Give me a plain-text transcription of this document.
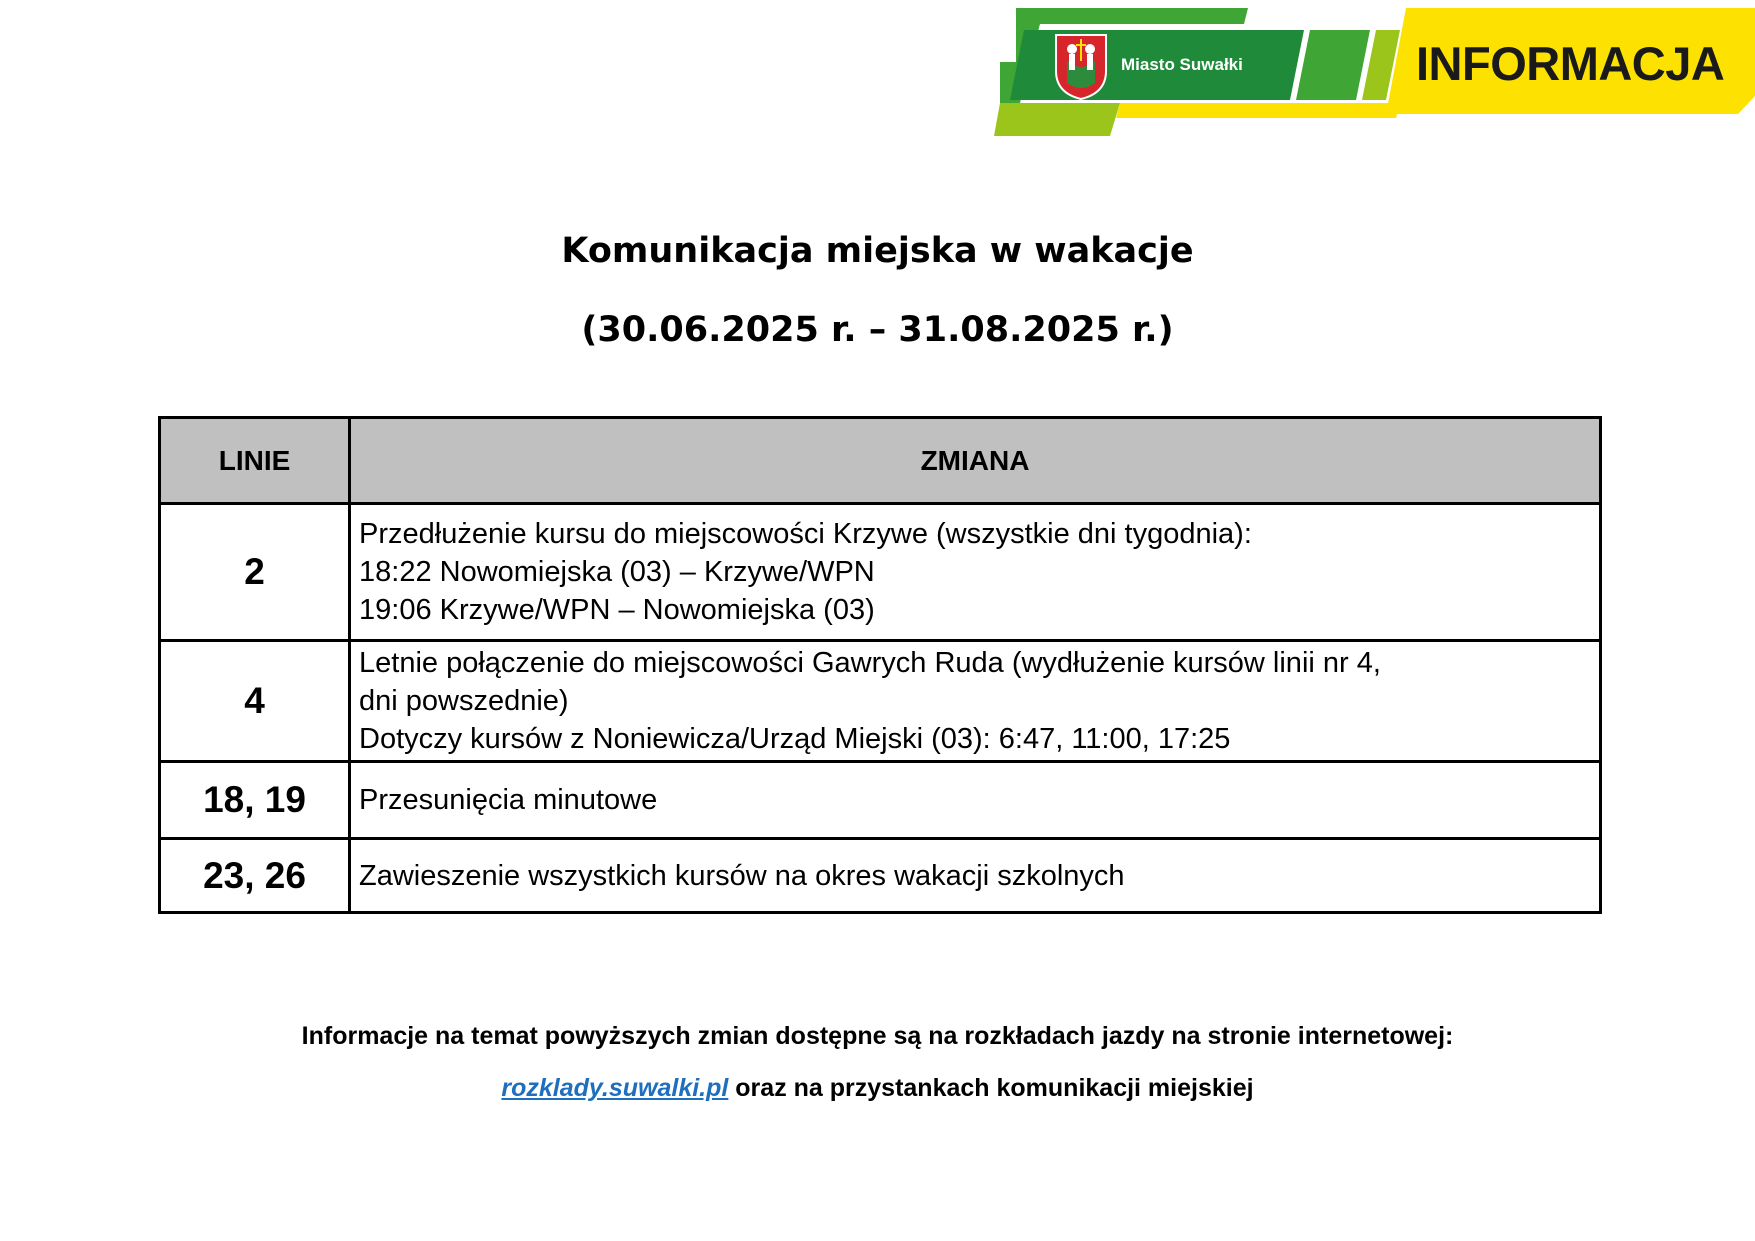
Miasto Suwałki	INFORMACJA
Komunikacja miejska w wakacje
(30.06.2025 r. – 31.08.2025 r.)
LINIE	ZMIANA
2	Przedłużenie kursu do miejscowości Krzywe (wszystkie dni tygodnia):
18:22 Nowomiejska (03) – Krzywe/WPN
19:06 Krzywe/WPN – Nowomiejska (03)

4	Letnie połączenie do miejscowości Gawrych Ruda (wydłużenie kursów linii nr 4,
dni powszednie)
Dotyczy kursów z Noniewicza/Urząd Miejski (03): 6:47, 11:00, 17:25

18, 19	Przesunięcia minutowe

23, 26	Zawieszenie wszystkich kursów na okres wakacji szkolnych
Informacje na temat powyższych zmian dostępne są na rozkładach jazdy na stronie internetowej:
rozklady.suwalki.pl oraz na przystankach komunikacji miejskiej
